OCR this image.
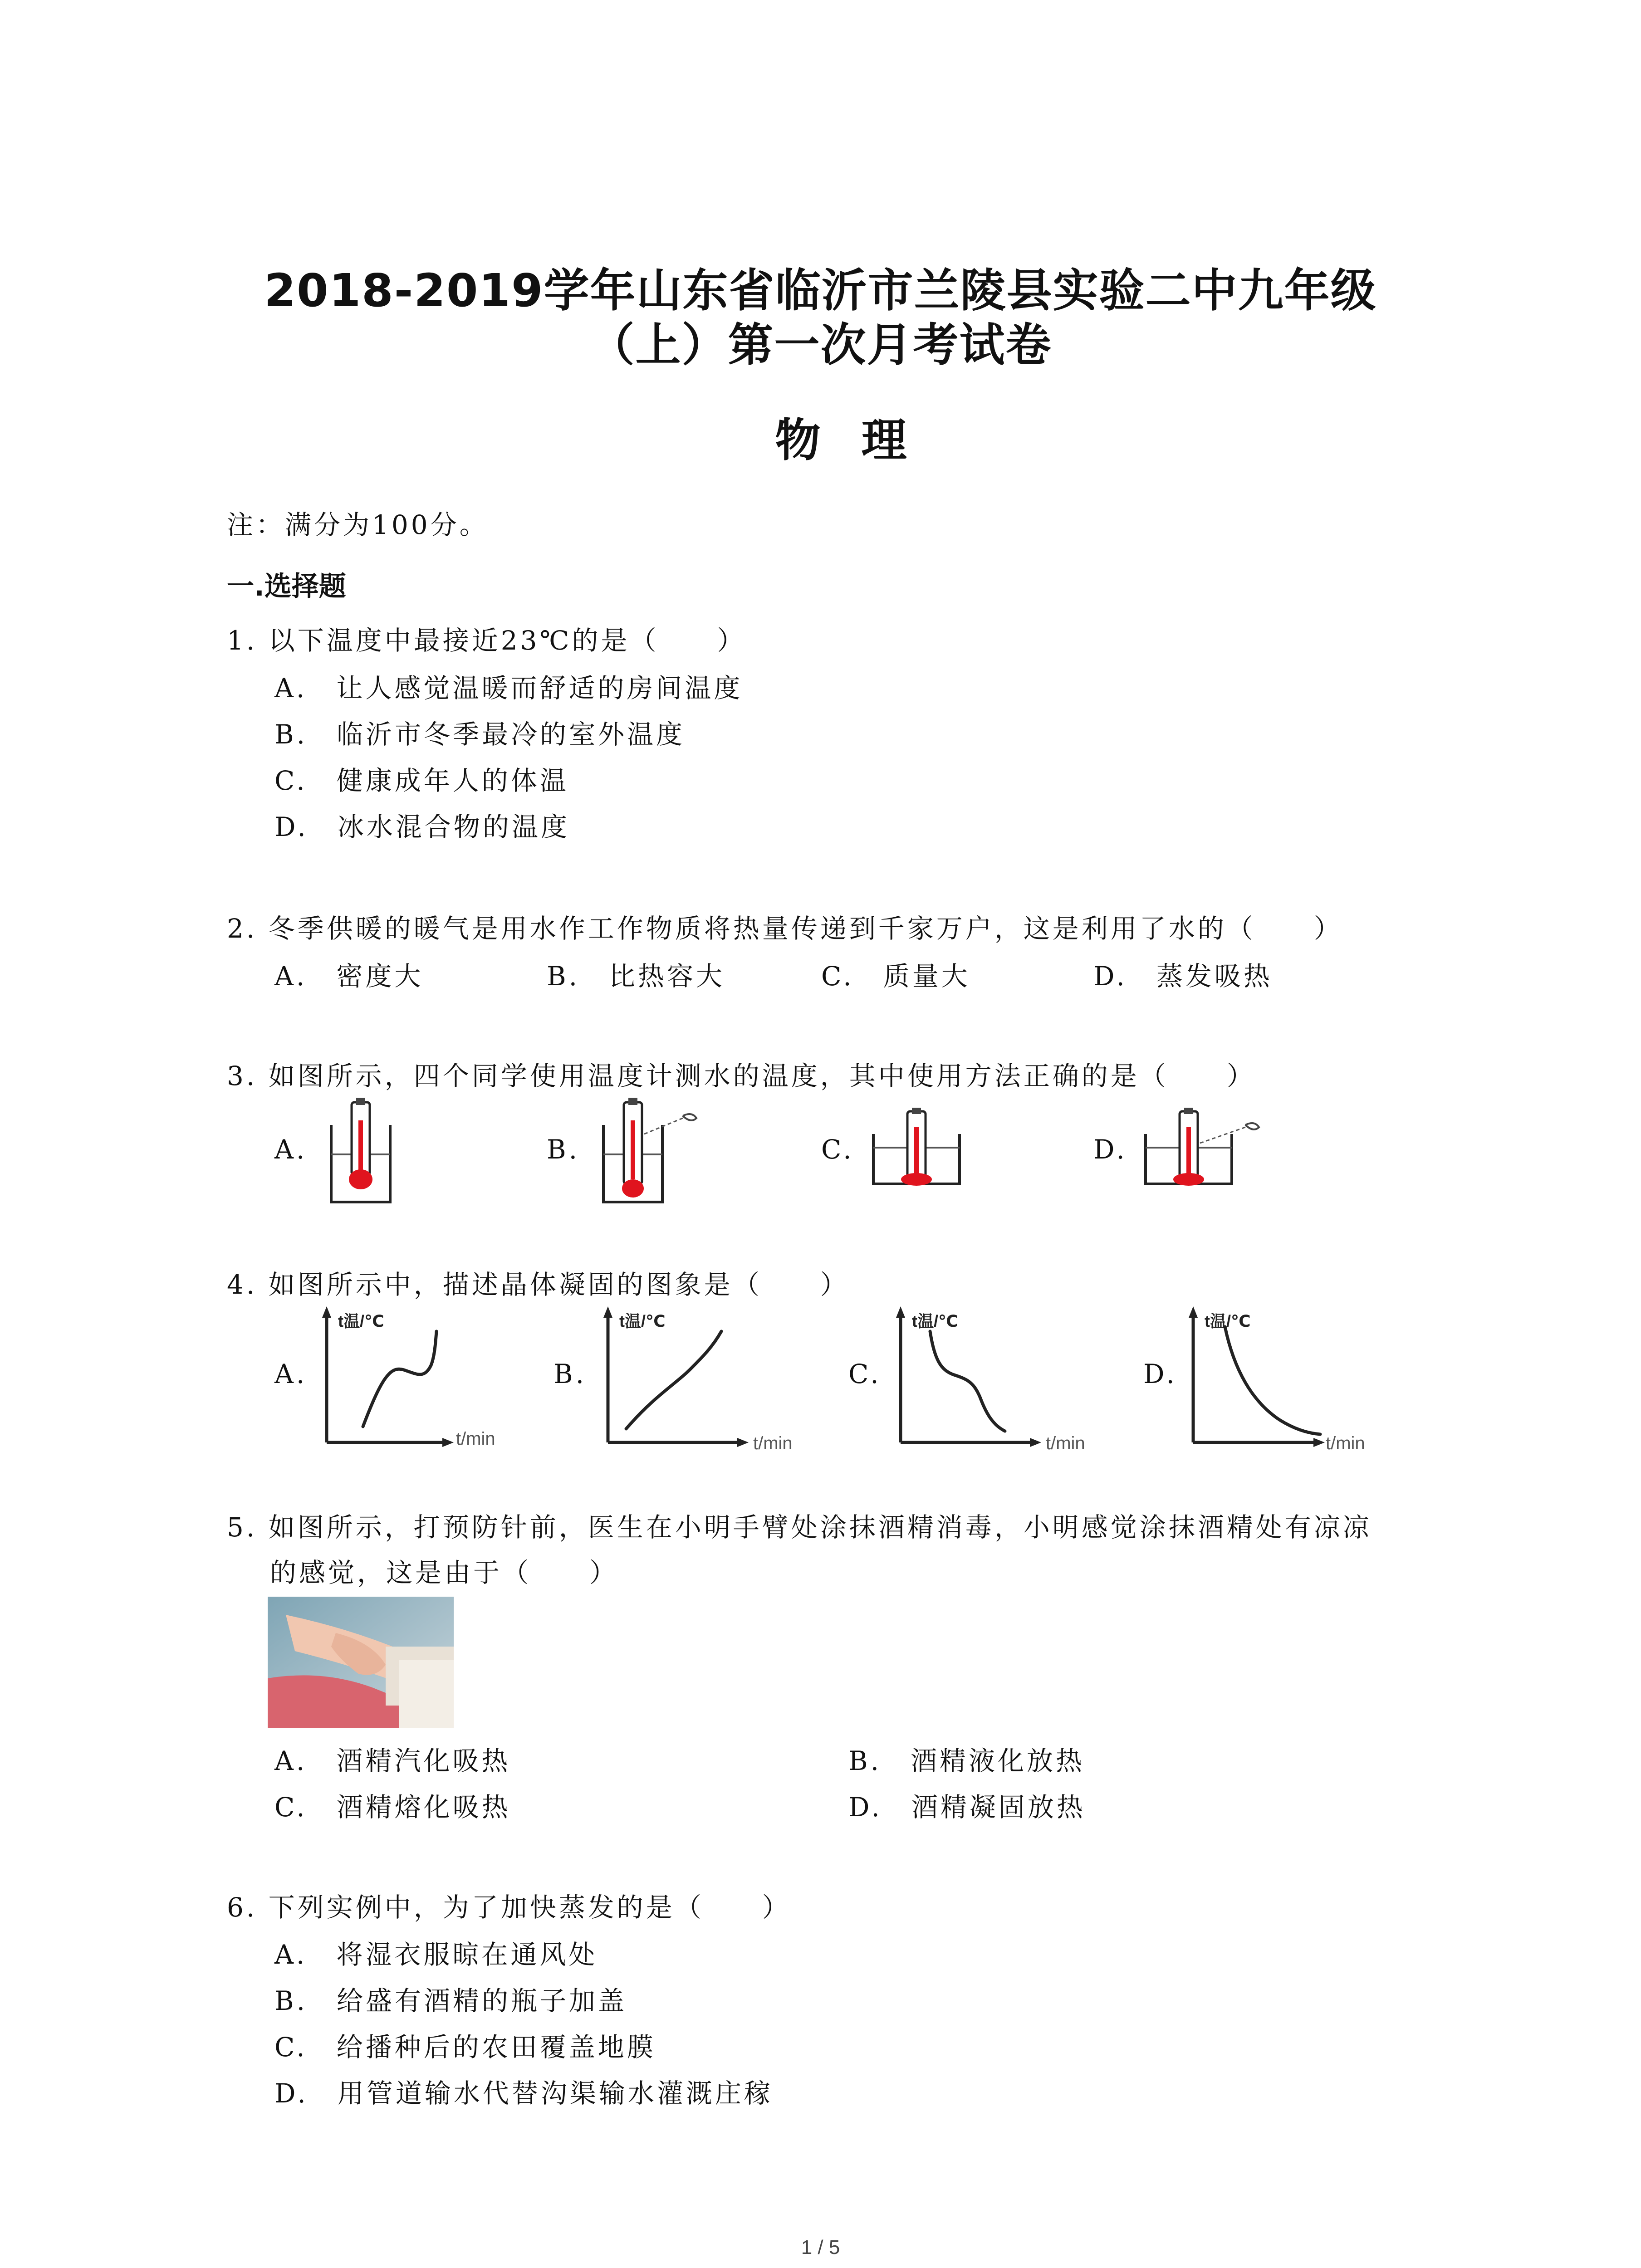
2018-2019学年山东省临沂市兰陵县实验二中九年级
（上）第一次月考试卷
物理
注：满分为100分。
一.选择题
1. 以下温度中最接近23℃的是（　　）
A.　让人感觉温暖而舒适的房间温度
B.　临沂市冬季最冷的室外温度
C.　健康成年人的体温
D.　冰水混合物的温度
2. 冬季供暖的暖气是用水作工作物质将热量传递到千家万户，这是利用了水的（　　）
A.　密度大	B.　比热容大	C.　质量大	D.　蒸发吸热
3. 如图所示，四个同学使用温度计测水的温度，其中使用方法正确的是（　　）
A.	B.	C.	D.
4. 如图所示中，描述晶体凝固的图象是（　　）
A.	B.	C.	D.
t温/℃
t/min
t温/℃
t/min
t温/℃
t/min
t温/℃
t/min
5. 如图所示，打预防针前，医生在小明手臂处涂抹酒精消毒，小明感觉涂抹酒精处有凉凉
的感觉，这是由于（　　）
A.　酒精汽化吸热	B.　酒精液化放热
C.　酒精熔化吸热	D.　酒精凝固放热
6. 下列实例中，为了加快蒸发的是（　　）
A.　将湿衣服晾在通风处
B.　给盛有酒精的瓶子加盖
C.　给播种后的农田覆盖地膜
D.　用管道输水代替沟渠输水灌溉庄稼
1 / 5
